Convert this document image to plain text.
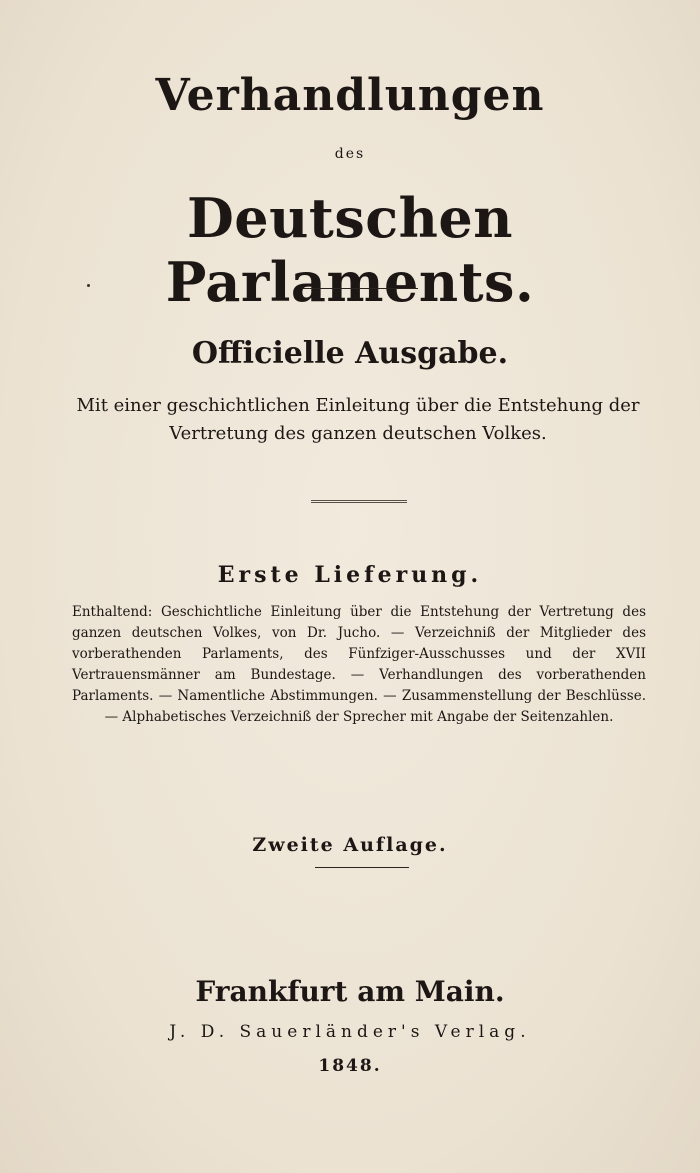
Verhandlungen
des
Deutschen Parlaments.
Officielle Ausgabe.
Mit einer geschichtlichen Einleitung über die Entstehung der Vertretung des ganzen deutschen Volkes.
Erste Lieferung.
Enthaltend: Geschichtliche Einleitung über die Entstehung der Vertretung des ganzen deutschen Volkes, von Dr. Jucho. — Verzeichniß der Mitglieder des vorberathenden Parlaments, des Fünfziger-Ausschusses und der XVII Vertrauensmänner am Bundestage. — Verhandlungen des vorberathenden Parlaments. — Namentliche Abstimmungen. — Zusammenstellung der Beschlüsse. — Alphabetisches Verzeichniß der Sprecher mit Angabe der Seitenzahlen.
Zweite Auflage.
Frankfurt am Main.
J. D. Sauerländer's Verlag.
1848.
